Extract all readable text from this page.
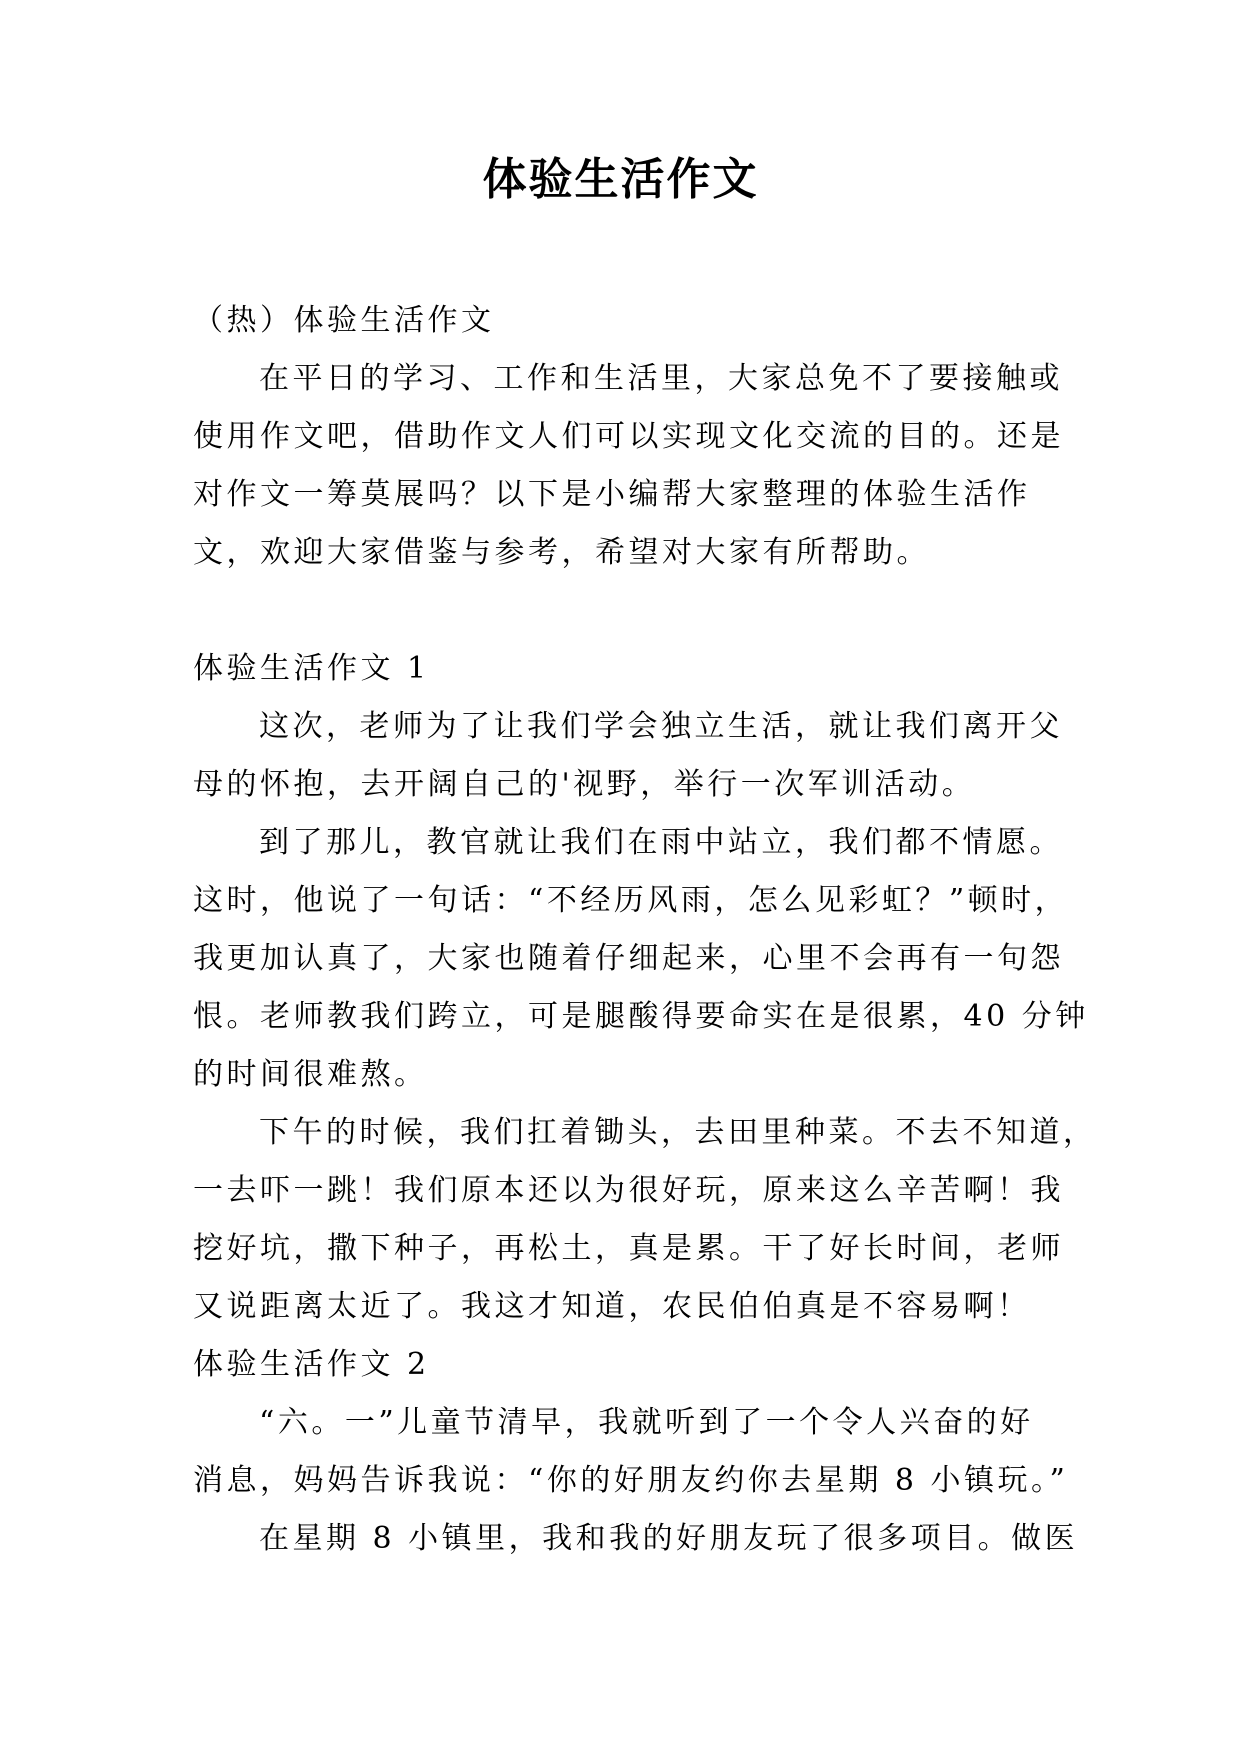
体验生活作文
（热）体验生活作文
在平日的学习、工作和生活里，大家总免不了要接触或
使用作文吧，借助作文人们可以实现文化交流的目的。还是
对作文一筹莫展吗？以下是小编帮大家整理的体验生活作
文，欢迎大家借鉴与参考，希望对大家有所帮助。
体验生活作文 1
这次，老师为了让我们学会独立生活，就让我们离开父
母的怀抱，去开阔自己的'视野，举行一次军训活动。
到了那儿，教官就让我们在雨中站立，我们都不情愿。
这时，他说了一句话：“不经历风雨，怎么见彩虹？”顿时，
我更加认真了，大家也随着仔细起来，心里不会再有一句怨
恨。老师教我们跨立，可是腿酸得要命实在是很累，40 分钟
的时间很难熬。
下午的时候，我们扛着锄头，去田里种菜。不去不知道，
一去吓一跳！我们原本还以为很好玩，原来这么辛苦啊！我
挖好坑，撒下种子，再松土，真是累。干了好长时间，老师
又说距离太近了。我这才知道，农民伯伯真是不容易啊！
体验生活作文 2
“六。一”儿童节清早，我就听到了一个令人兴奋的好
消息，妈妈告诉我说：“你的好朋友约你去星期 8 小镇玩。”
在星期 8 小镇里，我和我的好朋友玩了很多项目。做医
